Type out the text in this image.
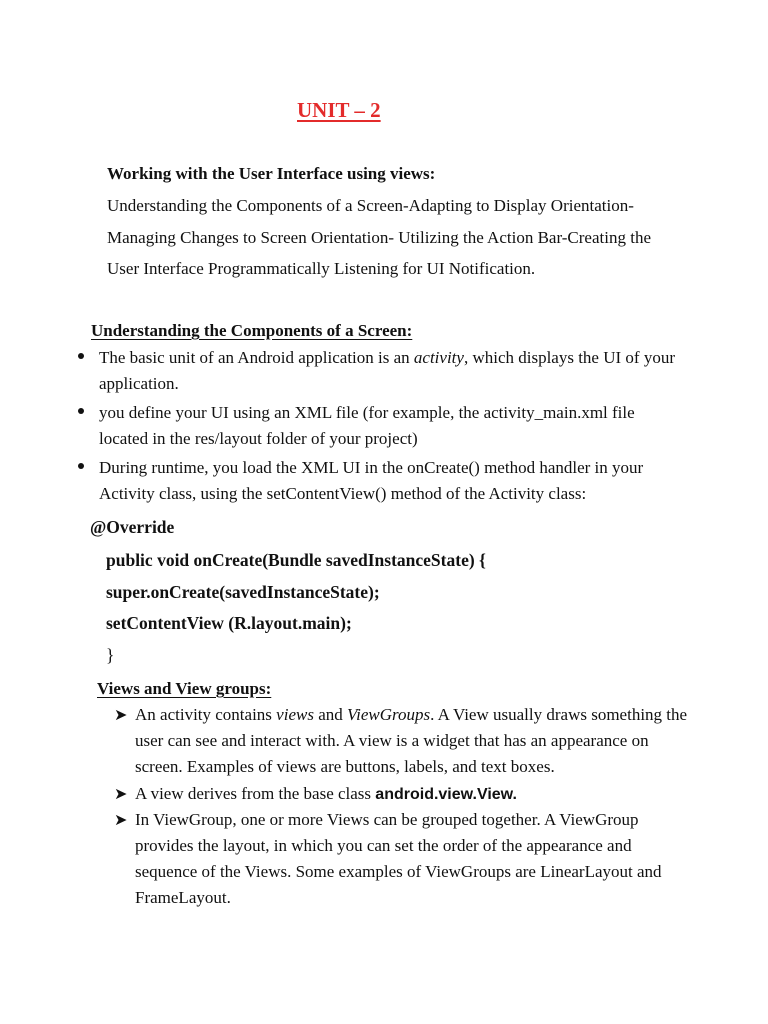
UNIT – 2
Working with the User Interface using views:
Understanding the Components of a Screen-Adapting to Display Orientation-
Managing Changes to Screen Orientation- Utilizing the Action Bar-Creating the
User Interface Programmatically Listening for UI Notification.
Understanding the Components of a Screen:
The basic unit of an Android application is an activity, which displays the UI of your
application.
you define your UI using an XML file (for example, the activity_main.xml file
located in the res/layout folder of your project)
During runtime, you load the XML UI in the onCreate() method handler in your
Activity class, using the setContentView() method of the Activity class:
@Override
public void onCreate(Bundle savedInstanceState) {
super.onCreate(savedInstanceState);
setContentView (R.layout.main);
}
Views and View groups:
➤ An activity contains views and ViewGroups. A View usually draws something the
user can see and interact with. A view is a widget that has an appearance on
screen. Examples of views are buttons, labels, and text boxes.
➤ A view derives from the base class android.view.View.
➤ In ViewGroup, one or more Views can be grouped together. A ViewGroup
provides the layout, in which you can set the order of the appearance and
sequence of the Views. Some examples of ViewGroups are LinearLayout and
FrameLayout.
